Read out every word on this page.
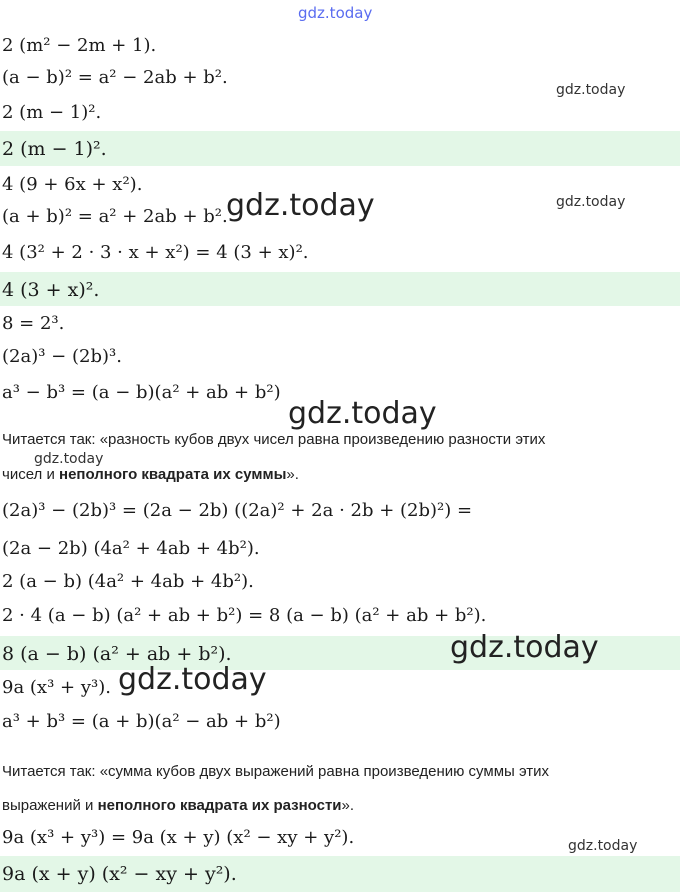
2 (m² − 2m + 1).
(a − b)² = a² − 2ab + b².
2 (m − 1)².
2 (m − 1)².
4 (9 + 6x + x²).
(a + b)² = a² + 2ab + b².
4 (3² + 2 · 3 · x + x²) = 4 (3 + x)².
4 (3 + x)².
8 = 2³.
(2a)³ − (2b)³.
a³ − b³ = (a − b)(a² + ab + b²)
Читается так: «разность кубов двух чисел равна произведению разности этих
чисел и неполного квадрата их суммы».
(2a)³ − (2b)³ = (2a − 2b) ((2a)² + 2a · 2b + (2b)²) =
(2a − 2b) (4a² + 4ab + 4b²).
2 (a − b) (4a² + 4ab + 4b²).
2 · 4 (a − b) (a² + ab + b²) = 8 (a − b) (a² + ab + b²).
8 (a − b) (a² + ab + b²).
9a (x³ + y³).
a³ + b³ = (a + b)(a² − ab + b²)
Читается так: «сумма кубов двух выражений равна произведению суммы этих
выражений и неполного квадрата их разности».
9a (x³ + y³) = 9a (x + y) (x² − xy + y²).
9a (x + y) (x² − xy + y²).
gdz.today
gdz.today
gdz.today
gdz.today
gdz.today
gdz.today
gdz.today
gdz.today
gdz.today
